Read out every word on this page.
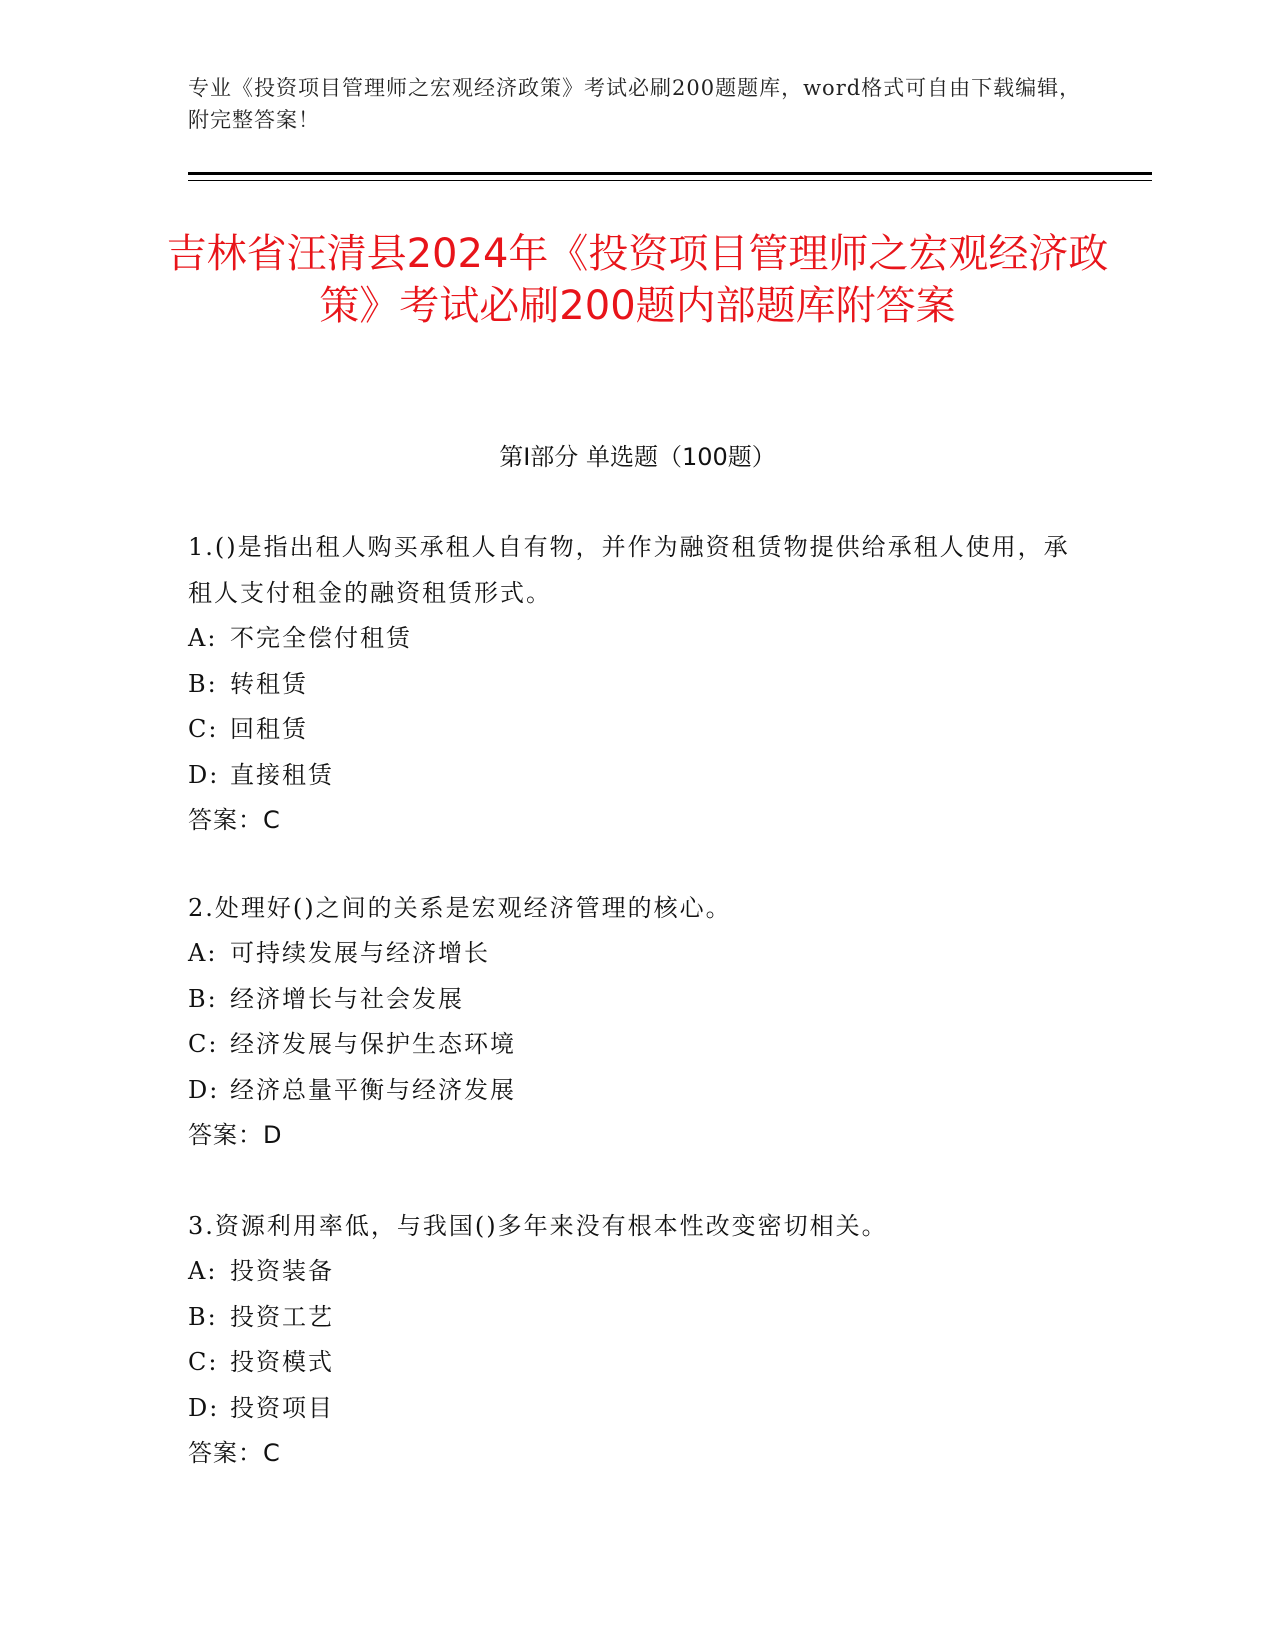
专业《投资项目管理师之宏观经济政策》考试必刷200题题库，word格式可自由下载编辑，附完整答案！
吉林省汪清县2024年《投资项目管理师之宏观经济政策》考试必刷200题内部题库附答案
第Ⅰ部分 单选题（100题）
1.()是指出租人购买承租人自有物，并作为融资租赁物提供给承租人使用，承租人支付租金的融资租赁形式。
A: 不完全偿付租赁
B: 转租赁
C: 回租赁
D: 直接租赁
答案：C
2.处理好()之间的关系是宏观经济管理的核心。
A: 可持续发展与经济增长
B: 经济增长与社会发展
C: 经济发展与保护生态环境
D: 经济总量平衡与经济发展
答案：D
3.资源利用率低，与我国()多年来没有根本性改变密切相关。
A: 投资装备
B: 投资工艺
C: 投资模式
D: 投资项目
答案：C
